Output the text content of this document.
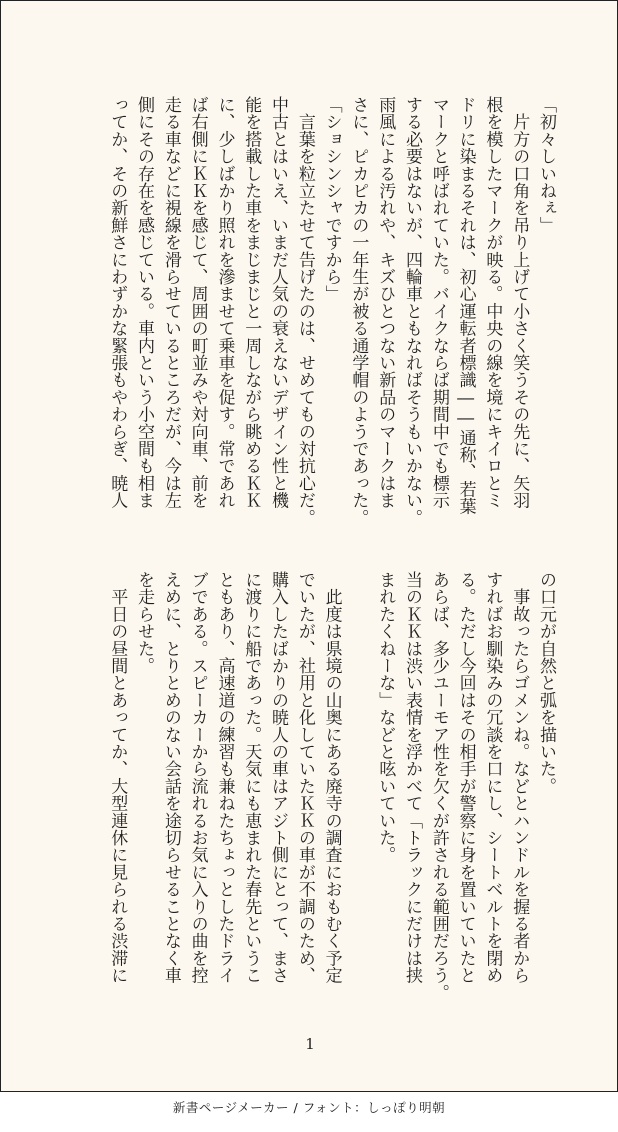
「初々しいねぇ」

　片方の口角を吊り上げて小さく笑うその先に、矢羽

根を模したマークが映る。中央の線を境にキイロとミ

ドリに染まるそれは、初心運転者標識――通称、若葉

マークと呼ばれていた。バイクならば期間中でも標示

する必要はないが、四輪車ともなればそうもいかない。

雨風による汚れや、キズひとつない新品のマークはま

さに、ピカピカの一年生が被る通学帽のようであった。

「ショシンシャですから」

　言葉を粒立たせて告げたのは、せめてもの対抗心だ。

中古とはいえ、いまだ人気の衰えないデザイン性と機

能を搭載した車をまじまじと一周しながら眺めるＫＫ

に、少しばかり照れを滲ませて乗車を促す。常であれ

ば右側にＫＫを感じて、周囲の町並みや対向車、前を

走る車などに視線を滑らせているところだが、今は左

側にその存在を感じている。車内という小空間も相ま

ってか、その新鮮さにわずかな緊張もやわらぎ、暁人

の口元が自然と弧を描いた。

　事故ったらゴメンね。などとハンドルを握る者から

すればお馴染みの冗談を口にし、シートベルトを閉め

る。ただし今回はその相手が警察に身を置いていたと

あらば、多少ユーモア性を欠くが許される範囲だろう。

当のＫＫは渋い表情を浮かべて「トラックにだけは挟

まれたくねーな」などと呟いていた。

　此度は県境の山奥にある廃寺の調査におもむく予定

でいたが、社用と化していたＫＫの車が不調のため、

購入したばかりの暁人の車はアジト側にとって、まさ

に渡りに船であった。天気にも恵まれた春先というこ

ともあり、高速道の練習も兼ねたちょっとしたドライ

ブである。スピーカーから流れるお気に入りの曲を控

えめに、とりとめのない会話を途切らせることなく車

を走らせた。

　平日の昼間とあってか、大型連休に見られる渋滞に

1
新書ページメーカー / フォント：しっぽり明朝
